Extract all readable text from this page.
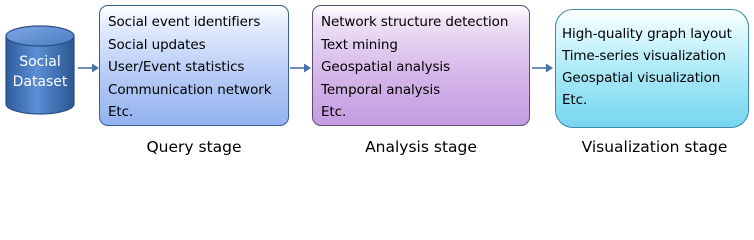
Social
Dataset
Social event identifiers
Social updates
User/Event statistics
Communication network
Etc.
Network structure detection
Text mining
Geospatial analysis
Temporal analysis
Etc.
High-quality graph layout
Time-series visualization
Geospatial visualization
Etc.
Query stage	Analysis stage	Visualization stage
